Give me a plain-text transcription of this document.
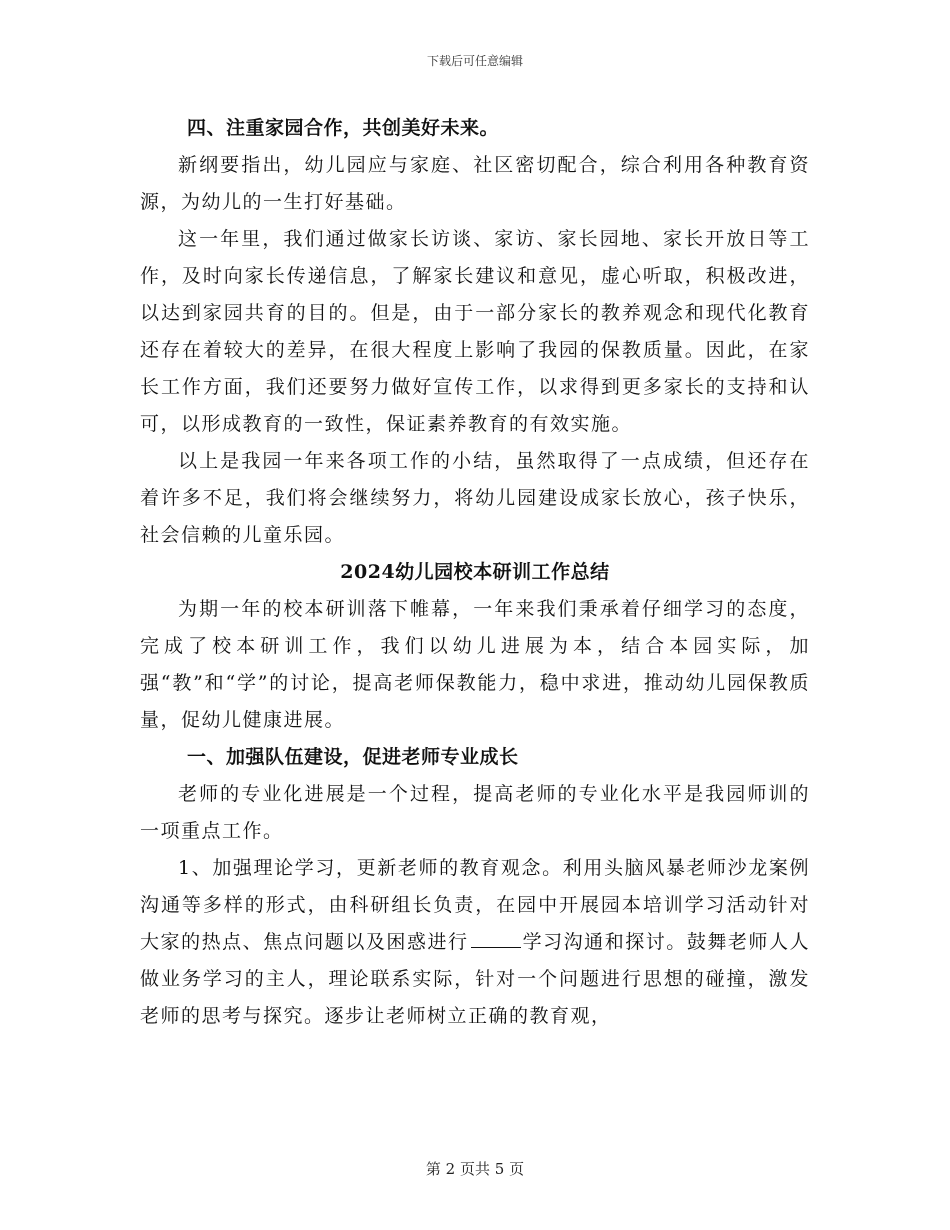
下载后可任意编辑

四、注重家园合作，共创美好未来。

新纲要指出，幼儿园应与家庭、社区密切配合，综合利用各种教育资源，为幼儿的一生打好基础。

这一年里，我们通过做家长访谈、家访、家长园地、家长开放日等工作，及时向家长传递信息，了解家长建议和意见，虚心听取，积极改进，以达到家园共育的目的。但是，由于一部分家长的教养观念和现代化教育还存在着较大的差异，在很大程度上影响了我园的保教质量。因此，在家长工作方面，我们还要努力做好宣传工作，以求得到更多家长的支持和认可，以形成教育的一致性，保证素养教育的有效实施。

以上是我园一年来各项工作的小结，虽然取得了一点成绩，但还存在着许多不足，我们将会继续努力，将幼儿园建设成家长放心，孩子快乐，社会信赖的儿童乐园。

2024幼儿园校本研训工作总结

为期一年的校本研训落下帷幕，一年来我们秉承着仔细学习的态度，完成了校本研训工作，我们以幼儿进展为本，结合本园实际，加强“教”和“学”的讨论，提高老师保教能力，稳中求进，推动幼儿园保教质量，促幼儿健康进展。

一、加强队伍建设，促进老师专业成长

老师的专业化进展是一个过程，提高老师的专业化水平是我园师训的一项重点工作。

1、加强理论学习，更新老师的教育观念。利用头脑风暴老师沙龙案例沟通等多样的形式，由科研组长负责，在园中开展园本培训学习活动针对大家的热点、焦点问题以及困惑进行	学习沟通和探讨。鼓舞老师人人做业务学习的主人，理论联系实际，针对一个问题进行思想的碰撞，激发老师的思考与探究。逐步让老师树立正确的教育观，

第 2 页共 5 页
